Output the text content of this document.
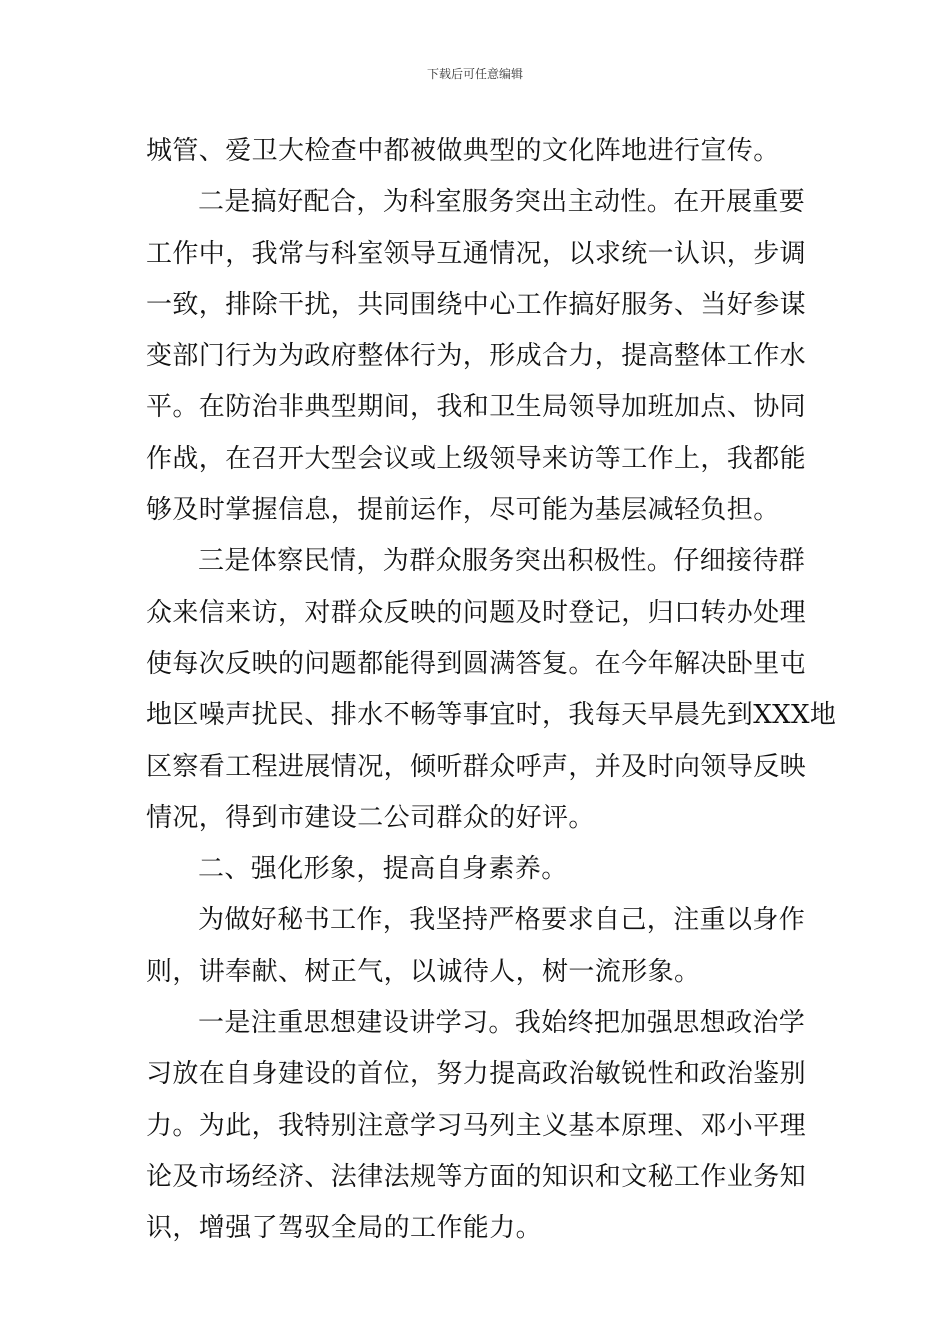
下载后可任意编辑
城管、爱卫大检查中都被做典型的文化阵地进行宣传。
二是搞好配合，为科室服务突出主动性。在开展重要
工作中，我常与科室领导互通情况，以求统一认识，步调
一致，排除干扰，共同围绕中心工作搞好服务、当好参谋
变部门行为为政府整体行为，形成合力，提高整体工作水
平。在防治非典型期间，我和卫生局领导加班加点、协同
作战，在召开大型会议或上级领导来访等工作上，我都能
够及时掌握信息，提前运作，尽可能为基层减轻负担。
三是体察民情，为群众服务突出积极性。仔细接待群
众来信来访，对群众反映的问题及时登记，归口转办处理
使每次反映的问题都能得到圆满答复。在今年解决卧里屯
地区噪声扰民、排水不畅等事宜时，我每天早晨先到XXX地
区察看工程进展情况，倾听群众呼声，并及时向领导反映
情况，得到市建设二公司群众的好评。
二、强化形象，提高自身素养。
为做好秘书工作，我坚持严格要求自己，注重以身作
则，讲奉献、树正气，以诚待人，树一流形象。
一是注重思想建设讲学习。我始终把加强思想政治学
习放在自身建设的首位，努力提高政治敏锐性和政治鉴别
力。为此，我特别注意学习马列主义基本原理、邓小平理
论及市场经济、法律法规等方面的知识和文秘工作业务知
识，增强了驾驭全局的工作能力。
